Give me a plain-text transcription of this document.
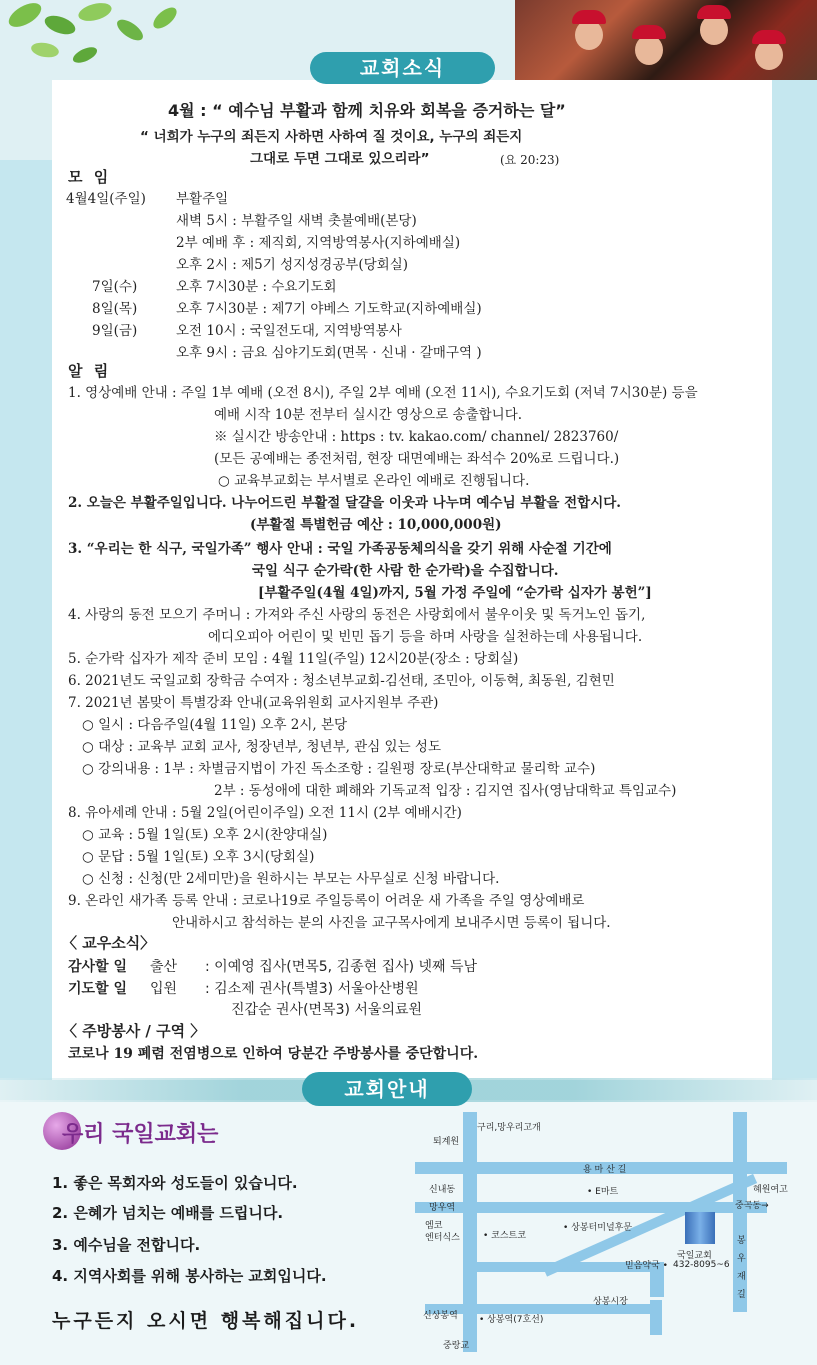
교회소식
4월 : “ 예수님 부활과 함께 치유와 회복을 증거하는 달”
“ 너희가 누구의 죄든지 사하면 사하여 질 것이요, 누구의 죄든지
그대로 두면 그대로 있으리라”	(요 20:23)
모 임
4월4일(주일) 부활주일
새벽 5시 : 부활주일 새벽 촛불예배(본당)
2부 예배 후 : 제직회, 지역방역봉사(지하예배실)
오후 2시 : 제5기 성지성경공부(당회실)
7일(수)	오후 7시30분 : 수요기도회
8일(목)	오후 7시30분 : 제7기 야베스 기도학교(지하예배실)
9일(금)	오전 10시 : 국일전도대, 지역방역봉사
오후 9시 : 금요 심야기도회(면목 · 신내 · 갈매구역 )
알 림
1. 영상예배 안내 : 주일 1부 예배 (오전 8시), 주일 2부 예배 (오전 11시), 수요기도회 (저녁 7시30분) 등을
예배 시작 10분 전부터 실시간 영상으로 송출합니다.
※ 실시간 방송안내 : https : tv. kakao.com/ channel/ 2823760/
(모든 공예배는 종전처럼, 현장 대면예배는 좌석수 20%로 드립니다.)
○ 교육부교회는 부서별로 온라인 예배로 진행됩니다.
2. 오늘은 부활주일입니다. 나누어드린 부활절 달걀을 이웃과 나누며 예수님 부활을 전합시다.
(부활절 특별헌금 예산 : 10,000,000원)
3. “우리는 한 식구, 국일가족” 행사 안내 : 국일 가족공동체의식을 갖기 위해 사순절 기간에
국일 식구 순가락(한 사람 한 순가락)을 수집합니다.
[부활주일(4월 4일)까지, 5월 가정 주일에 “순가락 십자가 봉헌”]
4. 사랑의 동전 모으기 주머니 : 가져와 주신 사랑의 동전은 사랑회에서 불우이웃 및 독거노인 돕기,
에디오피아 어린이 및 빈민 돕기 등을 하며 사랑을 실천하는데 사용됩니다.
5. 순가락 십자가 제작 준비 모임 : 4월 11일(주일) 12시20분(장소 : 당회실)
6. 2021년도 국일교회 장학금 수여자 : 청소년부교회-김선태, 조민아, 이동혁, 최동원, 김현민
7. 2021년 봄맞이 특별강좌 안내(교육위원회 교사지원부 주관)
○ 일시 : 다음주일(4월 11일) 오후 2시, 본당
○ 대상 : 교육부 교회 교사, 청장년부, 청년부, 관심 있는 성도
○ 강의내용 : 1부 : 차별금지법이 가진 독소조항 : 길원평 장로(부산대학교 물리학 교수)
2부 : 동성애에 대한 폐해와 기독교적 입장 : 김지연 집사(영남대학교 특임교수)
8. 유아세례 안내 : 5월 2일(어린이주일) 오전 11시 (2부 예배시간)
○ 교육 : 5월 1일(토) 오후 2시(찬양대실)
○ 문답 : 5월 1일(토) 오후 3시(당회실)
○ 신청 : 신청(만 2세미만)을 원하시는 부모는 사무실로 신청 바랍니다.
9. 온라인 새가족 등록 안내 : 코로나19로 주일등록이 어려운 새 가족을 주일 영상예배로
안내하시고 참석하는 분의 사진을 교구목사에게 보내주시면 등록이 됩니다.
〈 교우소식〉
감사할 일 출산 : 이예영 집사(면목5, 김종현 집사) 넷째 득남
기도할 일 입원 : 김소제 권사(특별3) 서울아산병원
진갑순 권사(면목3) 서울의료원
〈 주방봉사 / 구역 〉
코로나 19 폐렴 전염병으로 인하여 당분간 주방봉사를 중단합니다.
교회안내
우리 국일교회는
1. 좋은 목회자와 성도들이 있습니다.
2. 은혜가 넘치는 예배를 드립니다.
3. 예수님을 전합니다.
4. 지역사회를 위해 봉사하는 교회입니다.
누구든지 오시면 행복해집니다.
구리,망우리고개
퇴계원
용 마 산 길
신내동	혜원여고
• E마트
망우역	중곡동→
엠코
엔터식스	• 코스트코
• 상봉터미널후문
국일교회
432-8095~6
믿음약국 •
봉
우
재
길
상봉시장
신상봉역 • 상봉역(7호선)
중랑교
